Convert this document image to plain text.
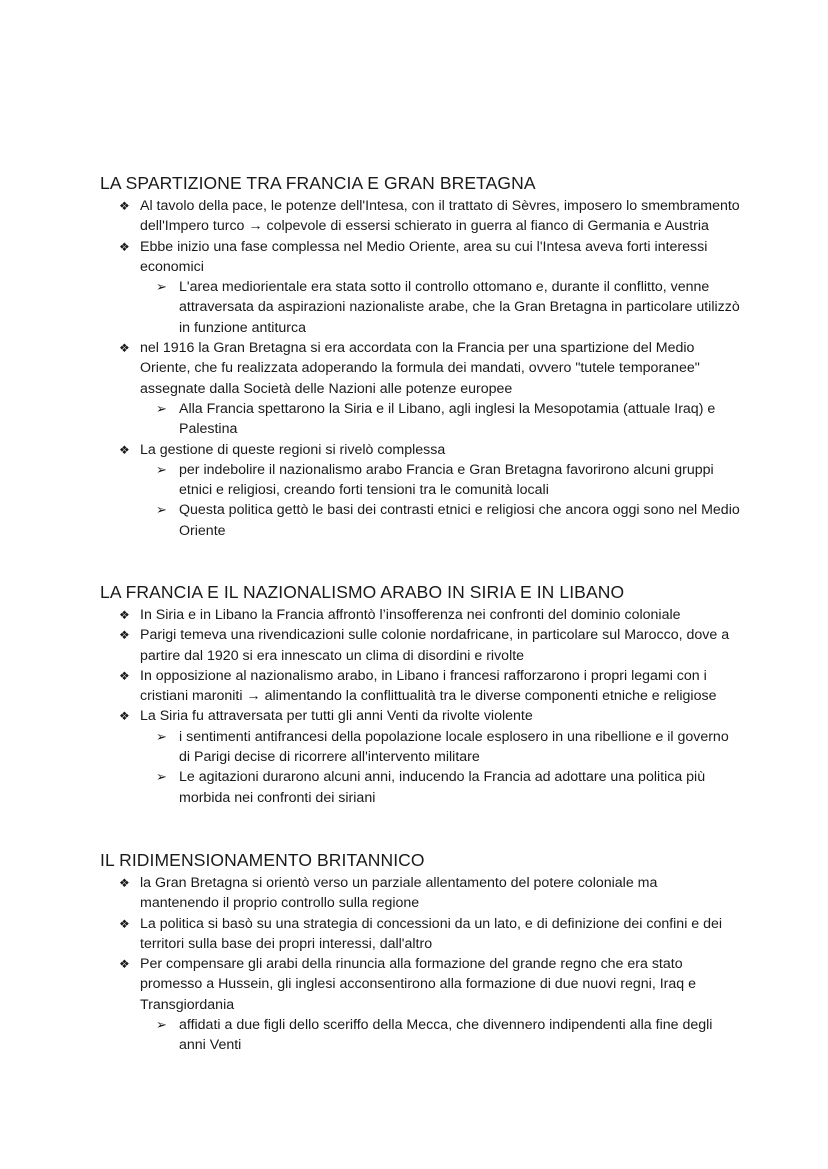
LA SPARTIZIONE TRA FRANCIA E GRAN BRETAGNA
❖ Al tavolo della pace, le potenze dell'Intesa, con il trattato di Sèvres, imposero lo smembramento dell'Impero turco → colpevole di essersi schierato in guerra al fianco di Germania e Austria
❖ Ebbe inizio una fase complessa nel Medio Oriente, area su cui l'Intesa aveva forti interessi economici
➢ L'area mediorientale era stata sotto il controllo ottomano e, durante il conflitto, venne attraversata da aspirazioni nazionaliste arabe, che la Gran Bretagna in particolare utilizzò in funzione antiturca
❖ nel 1916 la Gran Bretagna si era accordata con la Francia per una spartizione del Medio Oriente, che fu realizzata adoperando la formula dei mandati, ovvero "tutele temporanee" assegnate dalla Società delle Nazioni alle potenze europee
➢ Alla Francia spettarono la Siria e il Libano, agli inglesi la Mesopotamia (attuale Iraq) e Palestina
❖ La gestione di queste regioni si rivelò complessa
➢ per indebolire il nazionalismo arabo Francia e Gran Bretagna favorirono alcuni gruppi etnici e religiosi, creando forti tensioni tra le comunità locali
➢ Questa politica gettò le basi dei contrasti etnici e religiosi che ancora oggi sono nel Medio Oriente
LA FRANCIA E IL NAZIONALISMO ARABO IN SIRIA E IN LIBANO
❖ In Siria e in Libano la Francia affrontò l’insofferenza nei confronti del dominio coloniale
❖ Parigi temeva una rivendicazioni sulle colonie nordafricane, in particolare sul Marocco, dove a partire dal 1920 si era innescato un clima di disordini e rivolte
❖ In opposizione al nazionalismo arabo, in Libano i francesi rafforzarono i propri legami con i cristiani maroniti → alimentando la conflittualità tra le diverse componenti etniche e religiose
❖ La Siria fu attraversata per tutti gli anni Venti da rivolte violente
➢ i sentimenti antifrancesi della popolazione locale esplosero in una ribellione e il governo di Parigi decise di ricorrere all'intervento militare
➢ Le agitazioni durarono alcuni anni, inducendo la Francia ad adottare una politica più morbida nei confronti dei siriani
IL RIDIMENSIONAMENTO BRITANNICO
❖ la Gran Bretagna si orientò verso un parziale allentamento del potere coloniale ma mantenendo il proprio controllo sulla regione
❖ La politica si basò su una strategia di concessioni da un lato, e di definizione dei confini e dei territori sulla base dei propri interessi, dall'altro
❖ Per compensare gli arabi della rinuncia alla formazione del grande regno che era stato promesso a Hussein, gli inglesi acconsentirono alla formazione di due nuovi regni, Iraq e Transgiordania
➢ affidati a due figli dello sceriffo della Mecca, che divennero indipendenti alla fine degli anni Venti
